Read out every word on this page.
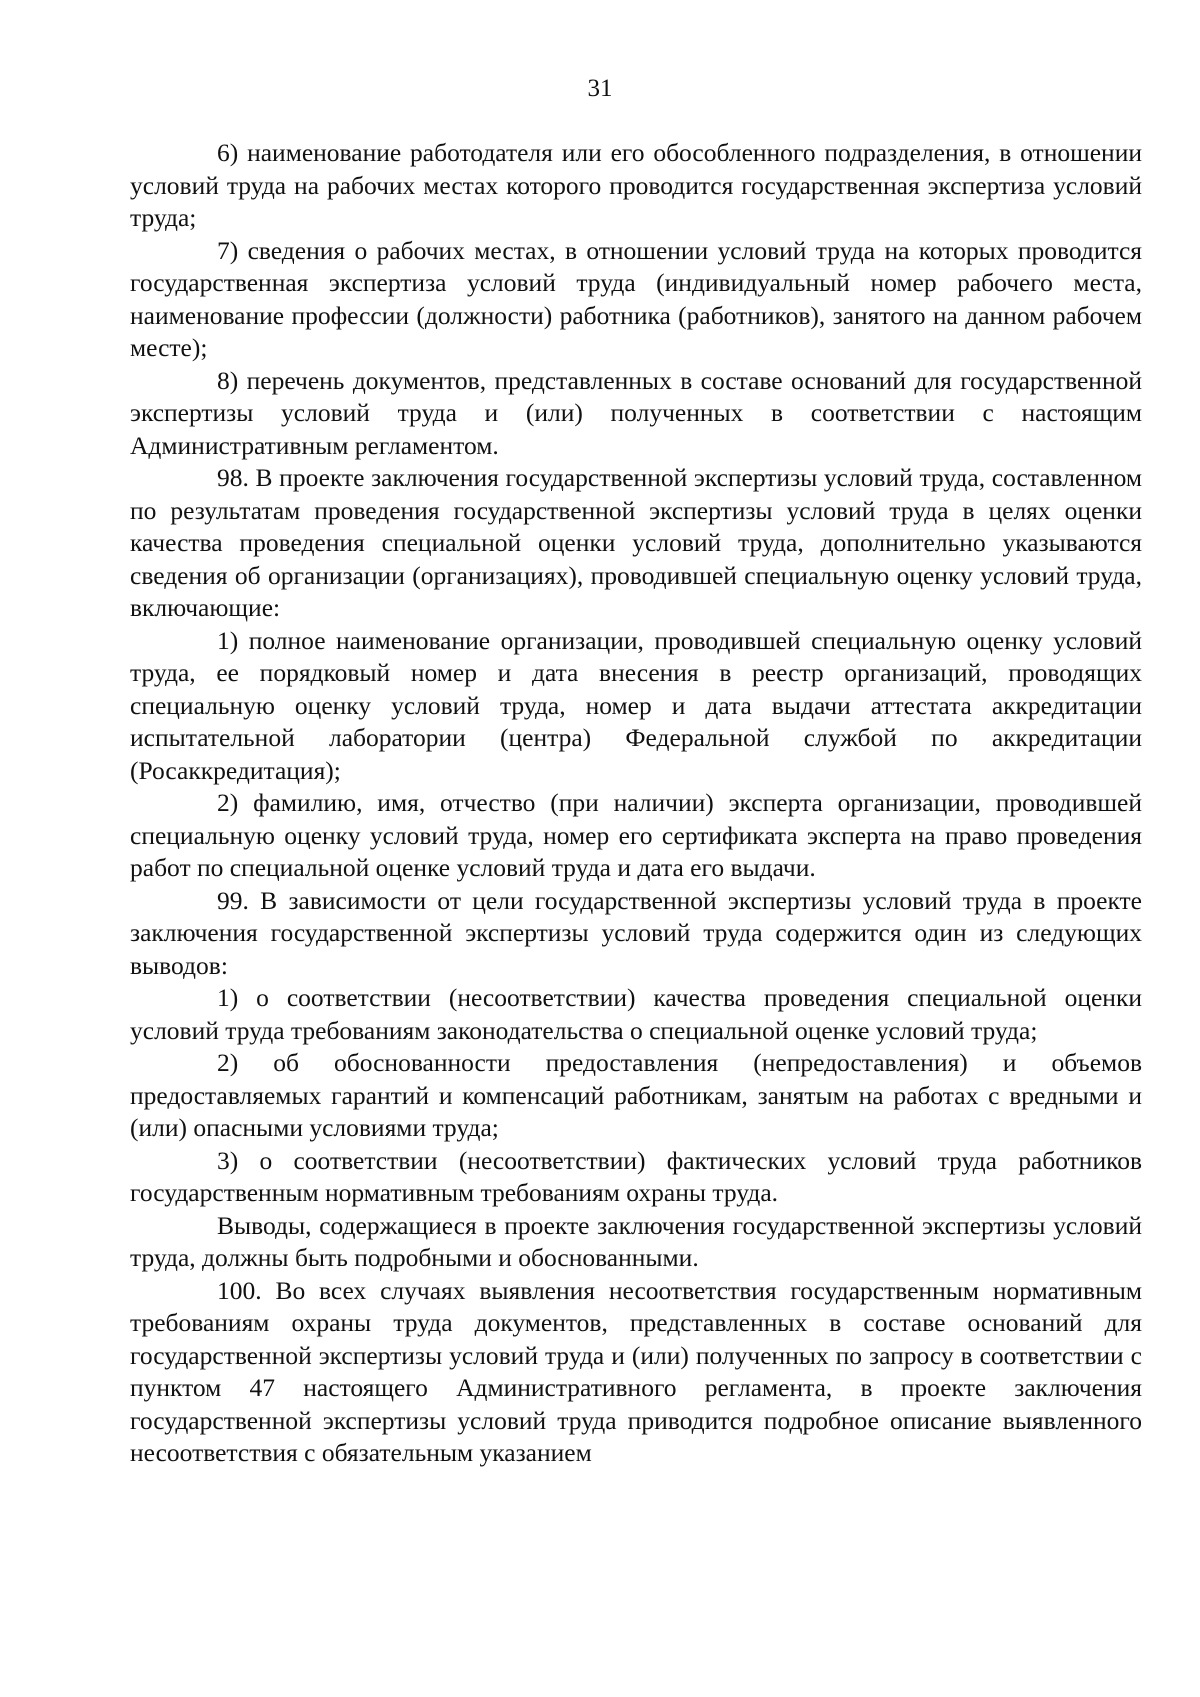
31

6) наименование работодателя или его обособленного подразделения, в отношении условий труда на рабочих местах которого проводится государственная экспертиза условий труда;

7) сведения о рабочих местах, в отношении условий труда на которых проводится государственная экспертиза условий труда (индивидуальный номер рабочего места, наименование профессии (должности) работника (работников), занятого на данном рабочем месте);

8) перечень документов, представленных в составе оснований для государственной экспертизы условий труда и (или) полученных в соответствии с настоящим Административным регламентом.

98. В проекте заключения государственной экспертизы условий труда, составленном по результатам проведения государственной экспертизы условий труда в целях оценки качества проведения специальной оценки условий труда, дополнительно указываются сведения об организации (организациях), проводившей специальную оценку условий труда, включающие:

1) полное наименование организации, проводившей специальную оценку условий труда, ее порядковый номер и дата внесения в реестр организаций, проводящих специальную оценку условий труда, номер и дата выдачи аттестата аккредитации испытательной лаборатории (центра) Федеральной службой по аккредитации (Росаккредитация);

2) фамилию, имя, отчество (при наличии) эксперта организации, проводившей специальную оценку условий труда, номер его сертификата эксперта на право проведения работ по специальной оценке условий труда и дата его выдачи.

99. В зависимости от цели государственной экспертизы условий труда в проекте заключения государственной экспертизы условий труда содержится один из следующих выводов:

1) о соответствии (несоответствии) качества проведения специальной оценки условий труда требованиям законодательства о специальной оценке условий труда;

2) об обоснованности предоставления (непредоставления) и объемов предоставляемых гарантий и компенсаций работникам, занятым на работах с вредными и (или) опасными условиями труда;

3) о соответствии (несоответствии) фактических условий труда работников государственным нормативным требованиям охраны труда.

Выводы, содержащиеся в проекте заключения государственной экспертизы условий труда, должны быть подробными и обоснованными.

100. Во всех случаях выявления несоответствия государственным нормативным требованиям охраны труда документов, представленных в составе оснований для государственной экспертизы условий труда и (или) полученных по запросу в соответствии с пунктом 47 настоящего Административного регламента, в проекте заключения государственной экспертизы условий труда приводится подробное описание выявленного несоответствия с обязательным указанием
